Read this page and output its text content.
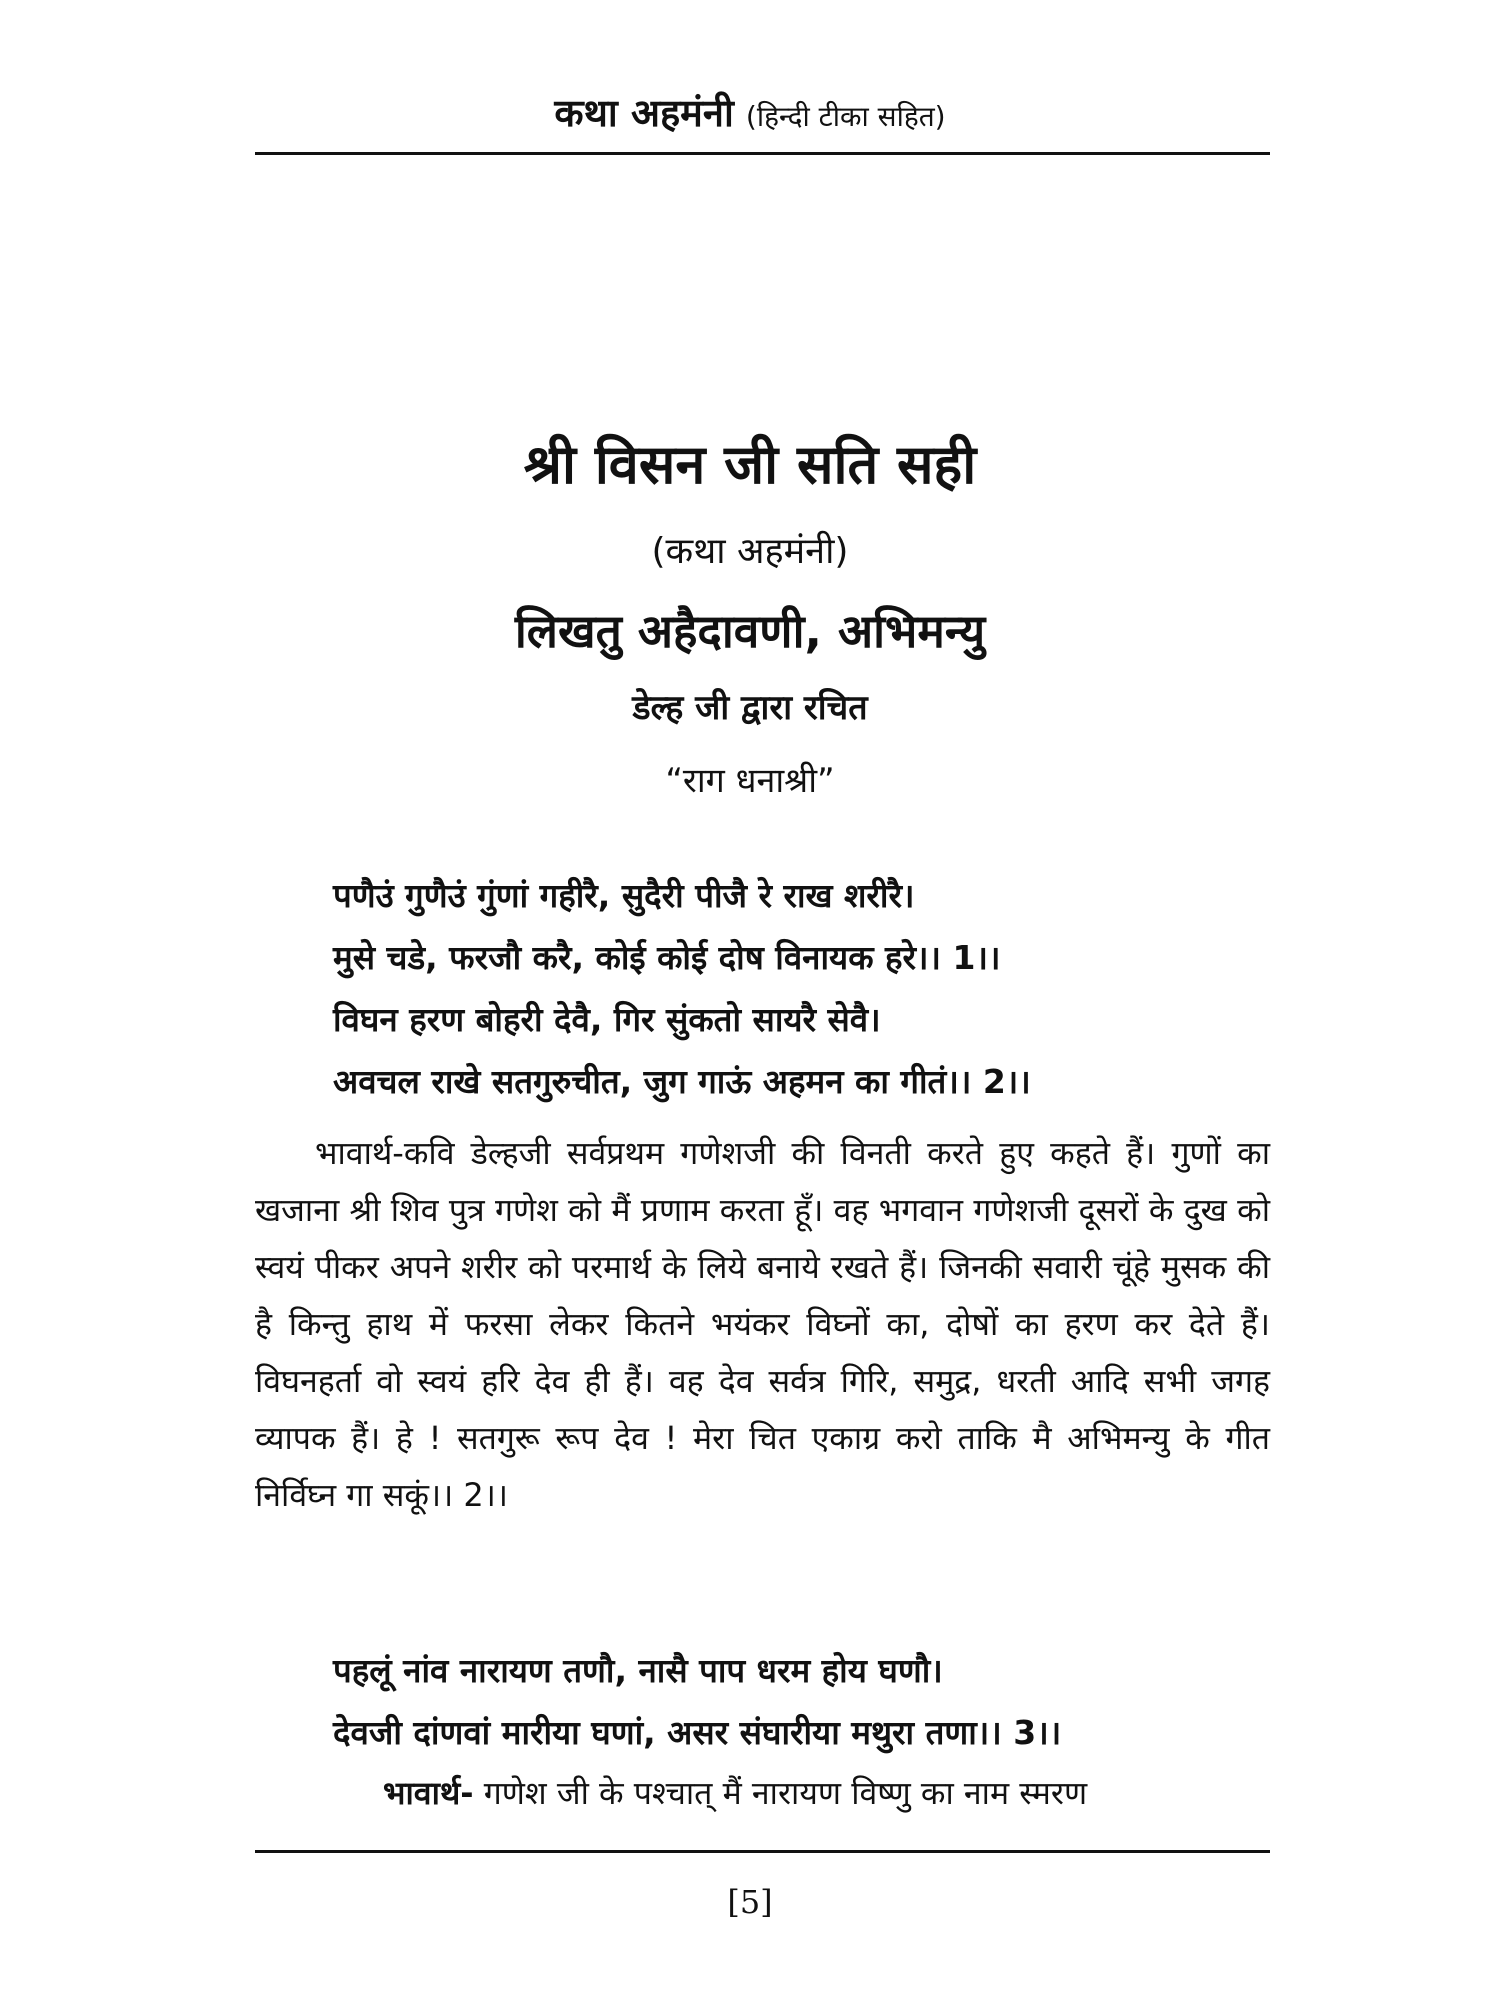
कथा अहमंनी (हिन्दी टीका सहित)
श्री विसन जी सति सही
(कथा अहमंनी)
लिखतु अहैदावणी, अभिमन्यु
डेल्ह जी द्वारा रचित
“राग धनाश्री”
पणैउं गुणैउं गुंणां गहीरै, सुदैरी पीजै रे राख शरीरै।
मुसे चडे, फरजौ करै, कोई कोई दोष विनायक हरे।। 1।।
विघन हरण बोहरी देवै, गिर सुंकतो सायरै सेवै।
अवचल राखे सतगुरुचीत, जुग गाऊं अहमन का गीतं।। 2।।
भावार्थ-कवि डेल्हजी सर्वप्रथम गणेशजी की विनती करते हुए कहते हैं। गुणों का खजाना श्री शिव पुत्र गणेश को मैं प्रणाम करता हूँ। वह भगवान गणेशजी दूसरों के दुख को स्वयं पीकर अपने शरीर को परमार्थ के लिये बनाये रखते हैं। जिनकी सवारी चूंहे मुसक की है किन्तु हाथ में फरसा लेकर कितने भयंकर विघ्नों का, दोषों का हरण कर देते हैं। विघनहर्ता वो स्वयं हरि देव ही हैं। वह देव सर्वत्र गिरि, समुद्र, धरती आदि सभी जगह व्यापक हैं। हे ! सतगुरू रूप देव ! मेरा चित एकाग्र करो ताकि मै अभिमन्यु के गीत निर्विघ्न गा सकूं।। 2।।
पहलूं नांव नारायण तणौ, नासै पाप धरम होय घणौ।
देवजी दांणवां मारीया घणां, असर संघारीया मथुरा तणा।। 3।।
भावार्थ- गणेश जी के पश्चात् मैं नारायण विष्णु का नाम स्मरण
[5]
